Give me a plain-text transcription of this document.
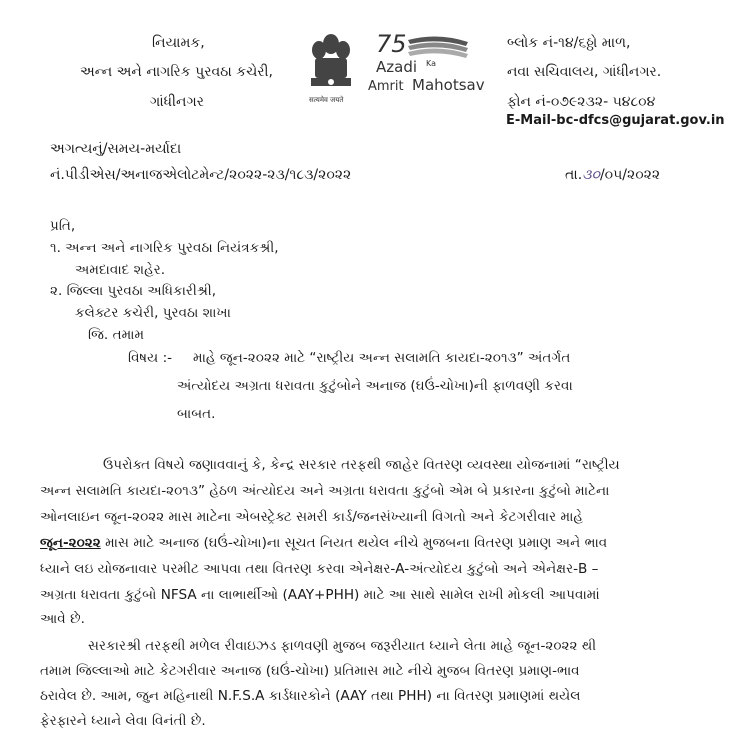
નિયામક,
અન્ન અને નાગરિક પુરવઠા કચેરી,
ગાંધીનગર	सत्यमेव जयते
75
Azadi Ka
Amrit Mahotsav
બ્લોક નં-૧૪/૬ઠ્ઠો માળ,
નવા સચિવાલય, ગાંધીનગર.
ફોન નં-૦૭૯૨૩૨- ૫૪૮૦૪
E-Mail-bc-dfcs@gujarat.gov.in
અગત્યનું/સમય-મર્યાદા
નં.પીડીએસ/અનાજએલોટમેન્ટ/૨૦૨૨-૨૩/૧૮૩/૨૦૨૨	તા.૩૦/૦૫/૨૦૨૨
પ્રતિ,
૧. અન્ન અને નાગરિક પુરવઠા નિયંત્રકશ્રી,
અમદાવાદ શહેર.
૨. જિલ્લા પુરવઠા અધિકારીશ્રી,
કલેક્ટર કચેરી, પુરવઠા શાખા
જિ. તમામ
વિષય :- માહે જૂન-૨૦૨૨ માટે “રાષ્ટ્રીય અન્ન સલામતિ કાયદા-૨૦૧૩” અંતર્ગત
અંત્યોદય અગ્રતા ધરાવતા કુટુંબોને અનાજ (ઘઉં-ચોખા)ની ફાળવણી કરવા
બાબત.
ઉપરોક્ત વિષયે જણાવવાનું કે, કેન્દ્ર સરકાર તરફથી જાહેર વિતરણ વ્યવસ્થા યોજનામાં “રાષ્ટ્રીય
અન્ન સલામતિ કાયદા-૨૦૧૩” હેઠળ અંત્યોદય અને અગ્રતા ધરાવતા કુટુંબો એમ બે પ્રકારના કુટુંબો માટેના
ઓનલાઇન જૂન-૨૦૨૨ માસ માટેના એબસ્ટ્રેક્ટ સમરી કાર્ડ/જનસંખ્યાની વિગતો અને કેટગરીવાર માહે
જૂન-૨૦૨૨ માસ માટે અનાજ (ઘઉં-ચોખા)ના સૂચત નિયત થયેલ નીચે મુજબના વિતરણ પ્રમાણ અને ભાવ
ધ્યાને લઇ યોજનાવાર પરમીટ આપવા તથા વિતરણ કરવા એનેક્ષર-A-અંત્યોદય કુટુંબો અને એનેક્ષર-B –
અગ્રતા ધરાવતા કુટુંબો NFSA ના લાભાર્થીઓ (AAY+PHH) માટે આ સાથે સામેલ રાખી મોકલી આપવામાં
આવે છે.
સરકારશ્રી તરફથી મળેલ રીવાઇઝડ ફાળવણી મુજબ જરૂરીયાત ધ્યાને લેતા માહે જૂન-૨૦૨૨ થી
તમામ જિલ્લાઓ માટે કેટગરીવાર અનાજ (ઘઉં-ચોખા) પ્રતિમાસ માટે નીચે મુજબ વિતરણ પ્રમાણ-ભાવ
ઠરાવેલ છે. આમ, જુન મહિનાથી N.F.S.A કાર્ડધારકોને (AAY તથા PHH) ના વિતરણ પ્રમાણમાં થયેલ
ફેરફારને ધ્યાને લેવા વિનંતી છે.
